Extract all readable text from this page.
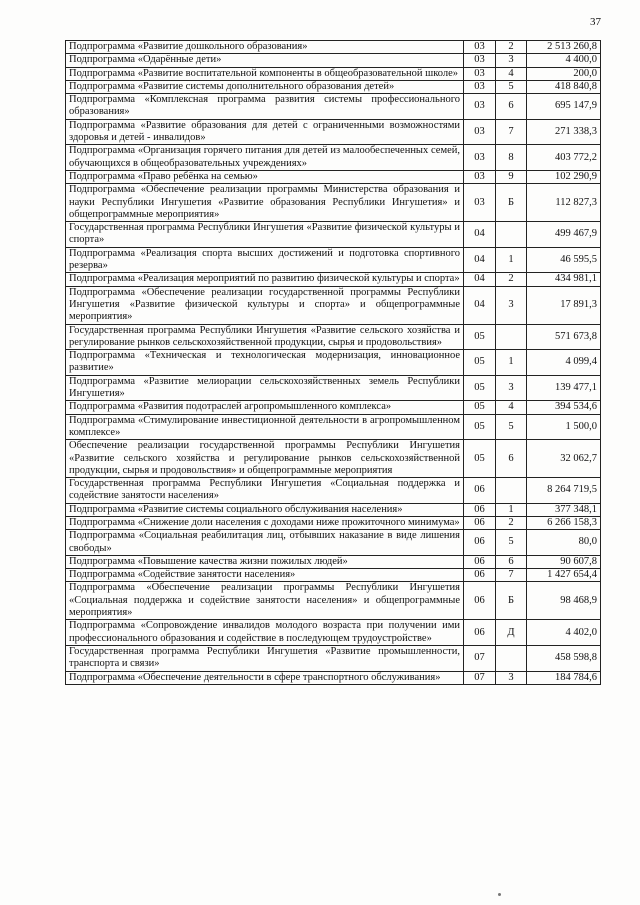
37
Подпрограмма «Развитие дошкольного образования»	03	2	2 513 260,8
Подпрограмма «Одарённые дети»	03	3	4 400,0
Подпрограмма «Развитие воспитательной компоненты в общеобразовательной школе»	03	4	200,0
Подпрограмма «Развитие системы дополнительного образования детей»	03	5	418 840,8
Подпрограмма «Комплексная программа развития системы профессионального образования»	03	6	695 147,9
Подпрограмма «Развитие образования для детей с ограниченными возможностями здоровья и детей - инвалидов»	03	7	271 338,3
Подпрограмма «Организация горячего питания для детей из малообеспеченных семей, обучающихся в общеобразовательных учреждениях»	03	8	403 772,2
Подпрограмма «Право ребёнка на семью»	03	9	102 290,9
Подпрограмма «Обеспечение реализации программы Министерства образования и науки Республики Ингушетия «Развитие образования Республики Ингушетия» и общепрограммные мероприятия»	03	Б	112 827,3
Государственная программа Республики Ингушетия «Развитие физической культуры и спорта»	04		499 467,9
Подпрограмма «Реализация спорта высших достижений и подготовка спортивного резерва»	04	1	46 595,5
Подпрограмма «Реализация мероприятий по развитию физической культуры и спорта»	04	2	434 981,1
Подпрограмма «Обеспечение реализации государственной программы Республики Ингушетия «Развитие физической культуры и спорта» и общепрограммные мероприятия»	04	3	17 891,3
Государственная программа Республики Ингушетия «Развитие сельского хозяйства и регулирование рынков сельскохозяйственной продукции, сырья и продовольствия»	05		571 673,8
Подпрограмма «Техническая и технологическая модернизация, инновационное развитие»	05	1	4 099,4
Подпрограмма «Развитие мелиорации сельскохозяйственных земель Республики Ингушетия»	05	3	139 477,1
Подпрограмма «Развития подотраслей агропромышленного комплекса»	05	4	394 534,6
Подпрограмма «Стимулирование инвестиционной деятельности в агропромышленном комплексе»	05	5	1 500,0
Обеспечение реализации государственной программы Республики Ингушетия «Развитие сельского хозяйства и регулирование рынков сельскохозяйственной продукции, сырья и продовольствия» и общепрограммные мероприятия	05	6	32 062,7
Государственная программа Республики Ингушетия «Социальная поддержка и содействие занятости населения»	06		8 264 719,5
Подпрограмма «Развитие системы социального обслуживания населения»	06	1	377 348,1
Подпрограмма «Снижение доли населения с доходами ниже прожиточного минимума»	06	2	6 266 158,3
Подпрограмма «Социальная реабилитация лиц, отбывших наказание в виде лишения свободы»	06	5	80,0
Подпрограмма «Повышение качества жизни пожилых людей»	06	6	90 607,8
Подпрограмма «Содействие занятости населения»	06	7	1 427 654,4
Подпрограмма «Обеспечение реализации программы Республики Ингушетия «Социальная поддержка и содействие занятости населения» и общепрограммные мероприятия»	06	Б	98 468,9
Подпрограмма «Сопровождение инвалидов молодого возраста при получении ими профессионального образования и содействие в последующем трудоустройстве»	06	Д	4 402,0
Государственная программа Республики Ингушетия «Развитие промышленности, транспорта и связи»	07		458 598,8
Подпрограмма «Обеспечение деятельности в сфере транспортного обслуживания»	07	3	184 784,6
